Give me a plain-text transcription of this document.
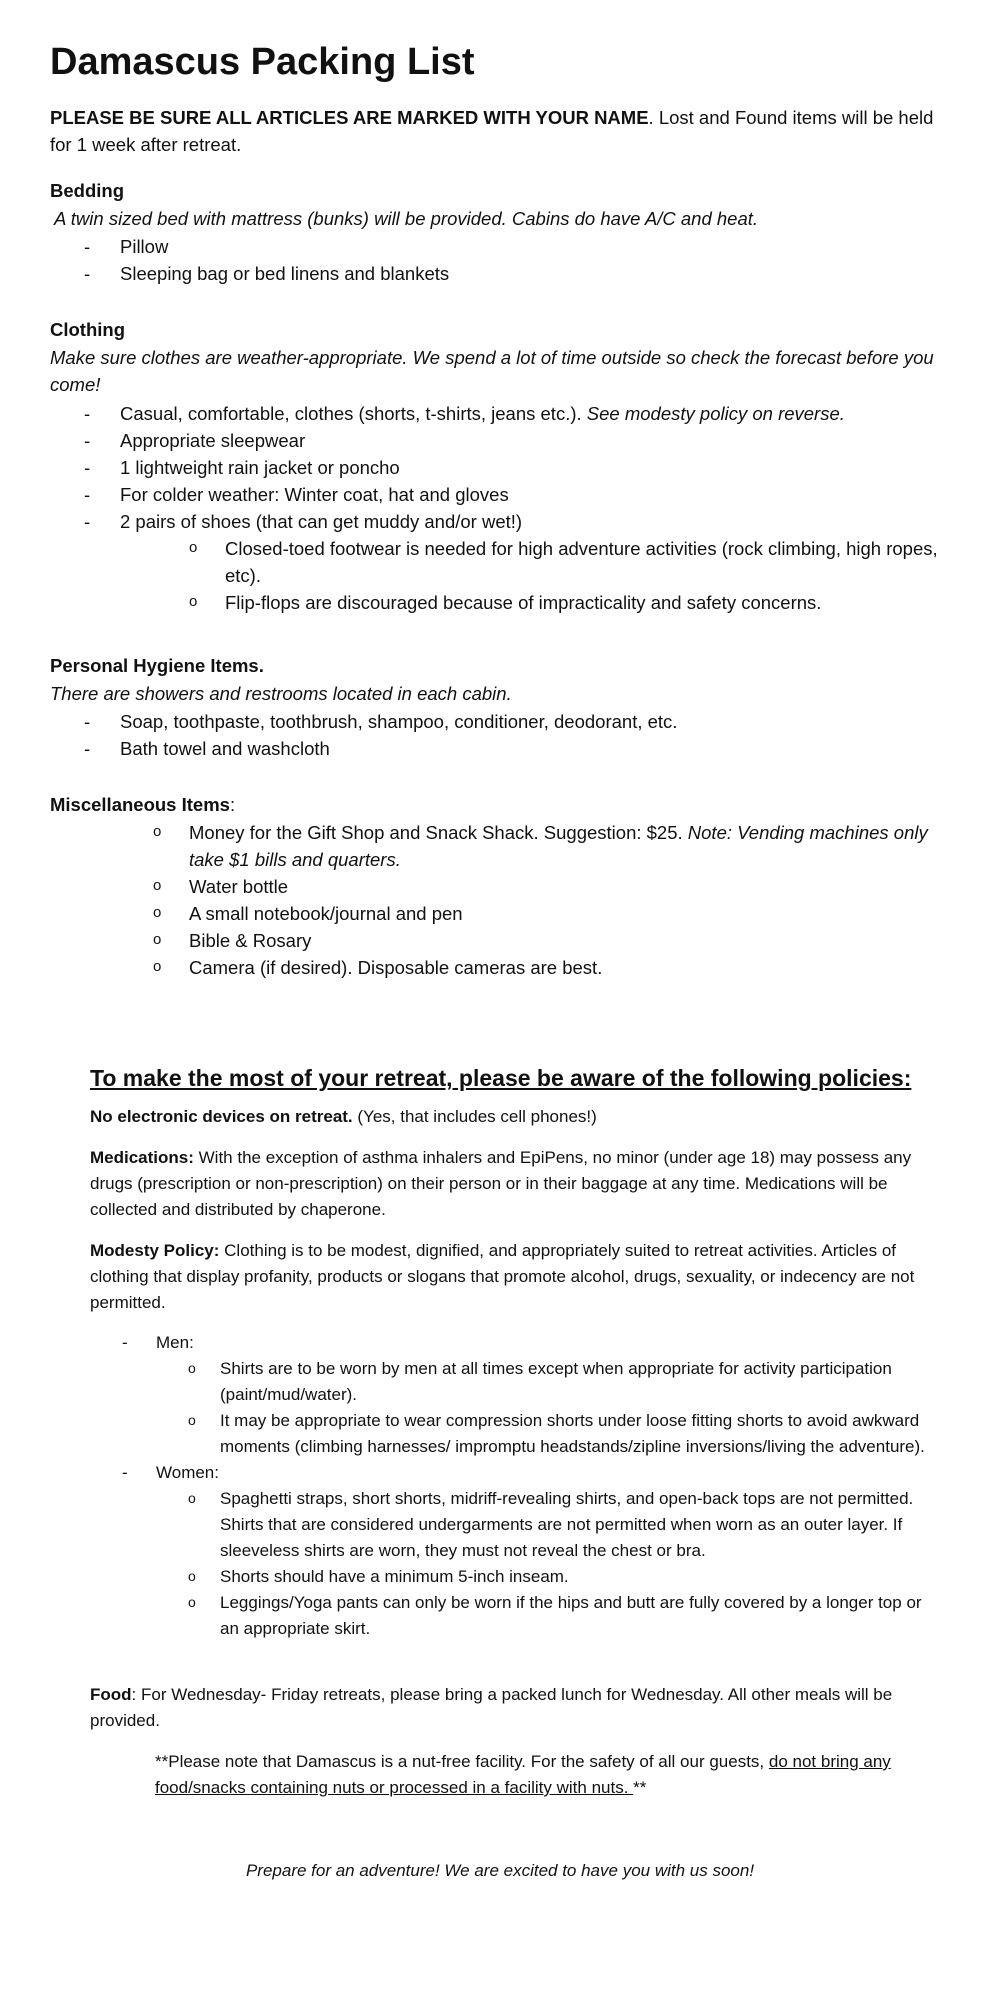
Damascus Packing List

PLEASE BE SURE ALL ARTICLES ARE MARKED WITH YOUR NAME. Lost and Found items will be held for 1 week after retreat.

Bedding

A twin sized bed with mattress (bunks) will be provided. Cabins do have A/C and heat.

- Pillow
- Sleeping bag or bed linens and blankets

Clothing

Make sure clothes are weather-appropriate. We spend a lot of time outside so check the forecast before you come!

- Casual, comfortable, clothes (shorts, t-shirts, jeans etc.). See modesty policy on reverse.
- Appropriate sleepwear
- 1 lightweight rain jacket or poncho
- For colder weather: Winter coat, hat and gloves
- 2 pairs of shoes (that can get muddy and/or wet!)
o Closed-toed footwear is needed for high adventure activities (rock climbing, high ropes, etc).
o Flip-flops are discouraged because of impracticality and safety concerns.

Personal Hygiene Items.

There are showers and restrooms located in each cabin.

- Soap, toothpaste, toothbrush, shampoo, conditioner, deodorant, etc.
- Bath towel and washcloth

Miscellaneous Items:

o Money for the Gift Shop and Snack Shack. Suggestion: $25. Note: Vending machines only take $1 bills and quarters.
o Water bottle
o A small notebook/journal and pen
o Bible & Rosary
o Camera (if desired). Disposable cameras are best.

To make the most of your retreat, please be aware of the following policies:

No electronic devices on retreat. (Yes, that includes cell phones!)

Medications: With the exception of asthma inhalers and EpiPens, no minor (under age 18) may possess any drugs (prescription or non-prescription) on their person or in their baggage at any time. Medications will be collected and distributed by chaperone.

Modesty Policy: Clothing is to be modest, dignified, and appropriately suited to retreat activities. Articles of clothing that display profanity, products or slogans that promote alcohol, drugs, sexuality, or indecency are not permitted.

- Men:
o Shirts are to be worn by men at all times except when appropriate for activity participation (paint/mud/water).
o It may be appropriate to wear compression shorts under loose fitting shorts to avoid awkward moments (climbing harnesses/ impromptu headstands/zipline inversions/living the adventure).
- Women:
o Spaghetti straps, short shorts, midriff-revealing shirts, and open-back tops are not permitted. Shirts that are considered undergarments are not permitted when worn as an outer layer. If sleeveless shirts are worn, they must not reveal the chest or bra.
o Shorts should have a minimum 5-inch inseam.
o Leggings/Yoga pants can only be worn if the hips and butt are fully covered by a longer top or an appropriate skirt.

Food: For Wednesday- Friday retreats, please bring a packed lunch for Wednesday. All other meals will be provided.

**Please note that Damascus is a nut-free facility. For the safety of all our guests, do not bring any food/snacks containing nuts or processed in a facility with nuts. **

Prepare for an adventure! We are excited to have you with us soon!
